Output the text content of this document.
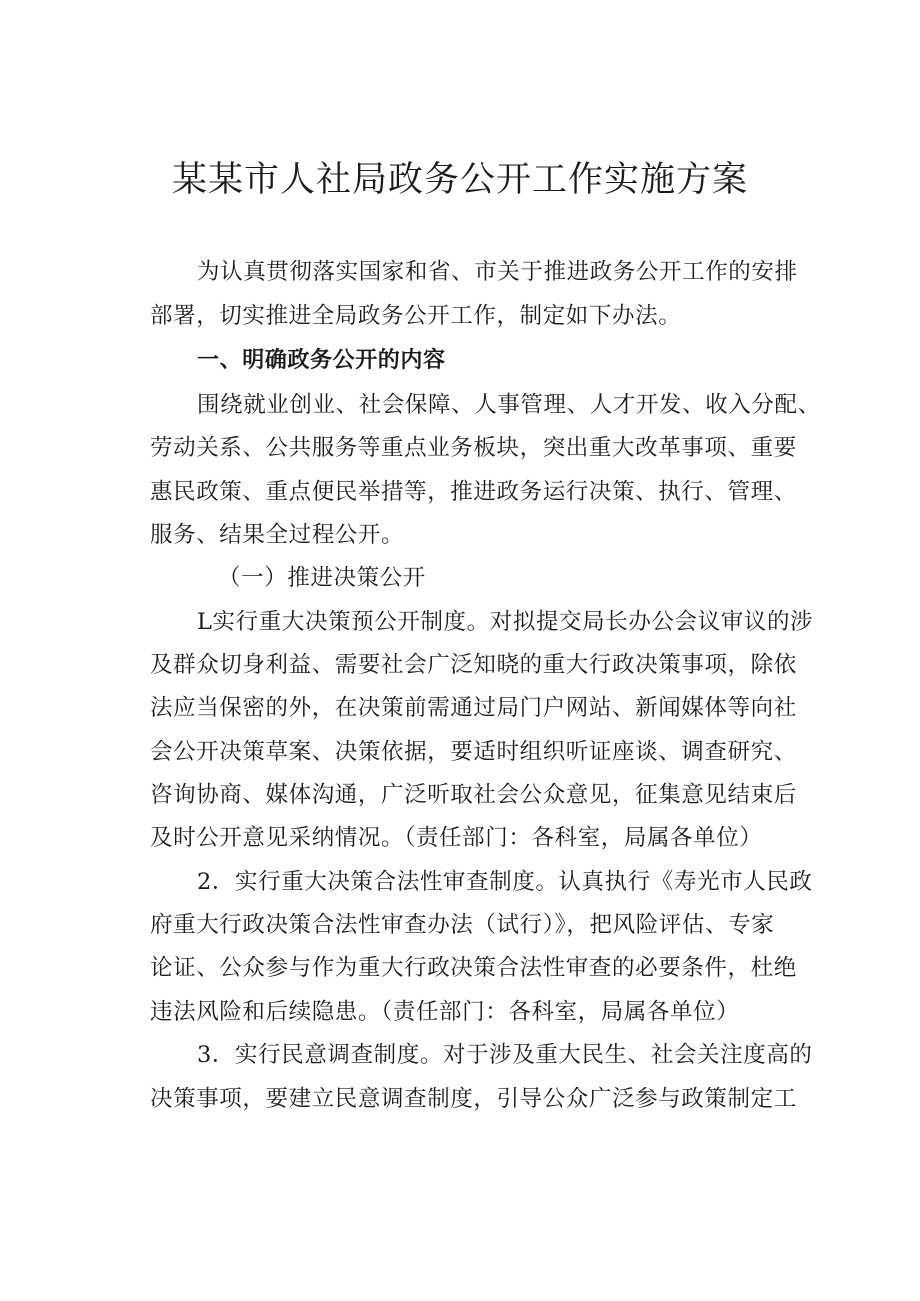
某某市人社局政务公开工作实施方案
为认真贯彻落实国家和省、市关于推进政务公开工作的安排
部署，切实推进全局政务公开工作，制定如下办法。
一、明确政务公开的内容
围绕就业创业、社会保障、人事管理、人才开发、收入分配、
劳动关系、公共服务等重点业务板块，突出重大改革事项、重要
惠民政策、重点便民举措等，推进政务运行决策、执行、管理、
服务、结果全过程公开。
（一）推进决策公开
L实行重大决策预公开制度。对拟提交局长办公会议审议的涉
及群众切身利益、需要社会广泛知晓的重大行政决策事项，除依
法应当保密的外，在决策前需通过局门户网站、新闻媒体等向社
会公开决策草案、决策依据，要适时组织听证座谈、调查研究、
咨询协商、媒体沟通，广泛听取社会公众意见，征集意见结束后
及时公开意见采纳情况。（责任部门：各科室，局属各单位）
2．实行重大决策合法性审查制度。认真执行《寿光市人民政
府重大行政决策合法性审查办法（试行）》，把风险评估、专家
论证、公众参与作为重大行政决策合法性审查的必要条件，杜绝
违法风险和后续隐患。（责任部门：各科室，局属各单位）
3．实行民意调查制度。对于涉及重大民生、社会关注度高的
决策事项，要建立民意调查制度，引导公众广泛参与政策制定工
